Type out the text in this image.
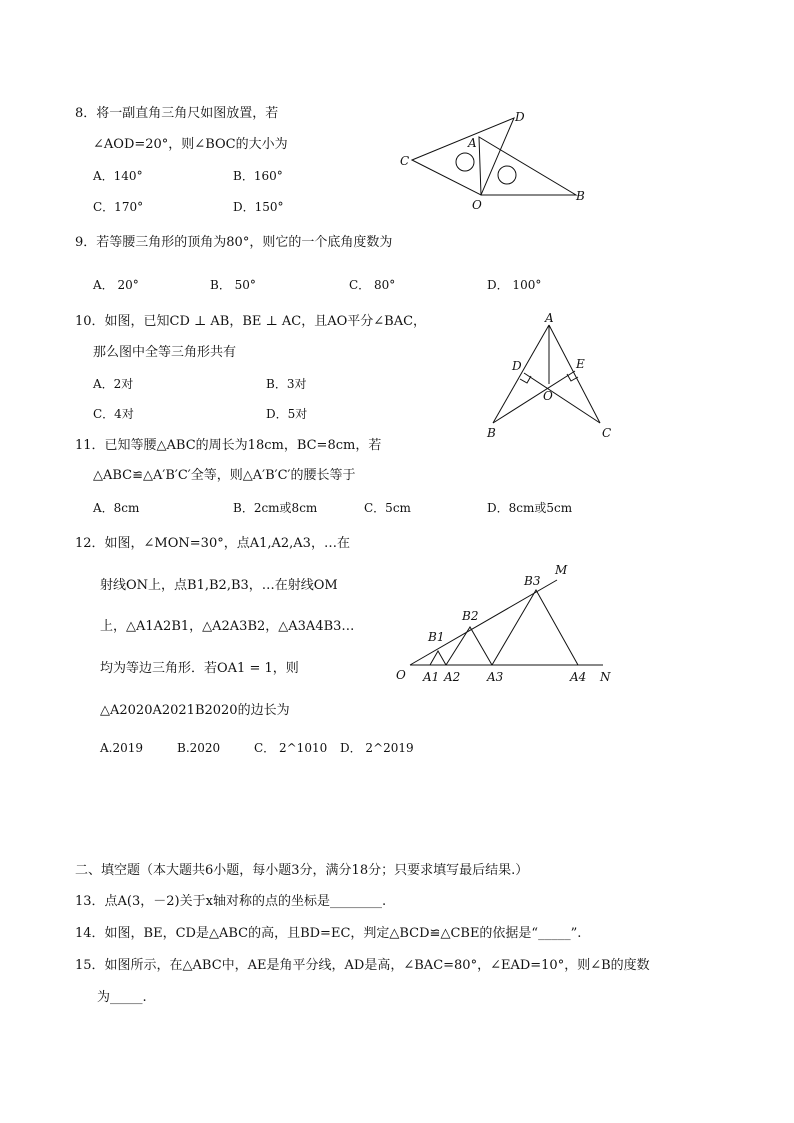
8．将一副直角三角尺如图放置，若
∠AOD=20°，则∠BOC的大小为
A．140°	B．160°
C．170°	D．150°
C
A
D
O
B
9．若等腰三角形的顶角为80°，则它的一个底角度数为
A． 20°	B． 50°	C． 80°	D． 100°
10．如图，已知CD ⊥ AB，BE ⊥ AC，且AO平分∠BAC，
那么图中全等三角形共有
A．2对	B．3对
C．4对	D．5对
A
D	E
O
B	C
11．已知等腰△ABC的周长为18cm，BC=8cm，若
△ABC≌△A′B′C′全等，则△A′B′C′的腰长等于
A．8cm	B．2cm或8cm	C．5cm	D．8cm或5cm
12．如图，∠MON=30°，点A1,A2,A3，…在
射线ON上，点B1,B2,B3，…在射线OM
上，△A1A2B1，△A2A3B2，△A3A4B3…
均为等边三角形．若OA1 = 1，则
△A2020A2021B2020的边长为
A.2019	B.2020	C． 2^1010 D． 2^2019
M
N
O
B1
B2
B3
A1 A2 A3	A4
二、填空题（本大题共6小题，每小题3分，满分18分；只要求填写最后结果.）
13．点A(3，－2)关于x轴对称的点的坐标是________.
14．如图，BE，CD是△ABC的高，且BD=EC，判定△BCD≌△CBE的依据是“_____”.
15．如图所示，在△ABC中，AE是角平分线，AD是高，∠BAC=80°，∠EAD=10°，则∠B的度数
为_____.
